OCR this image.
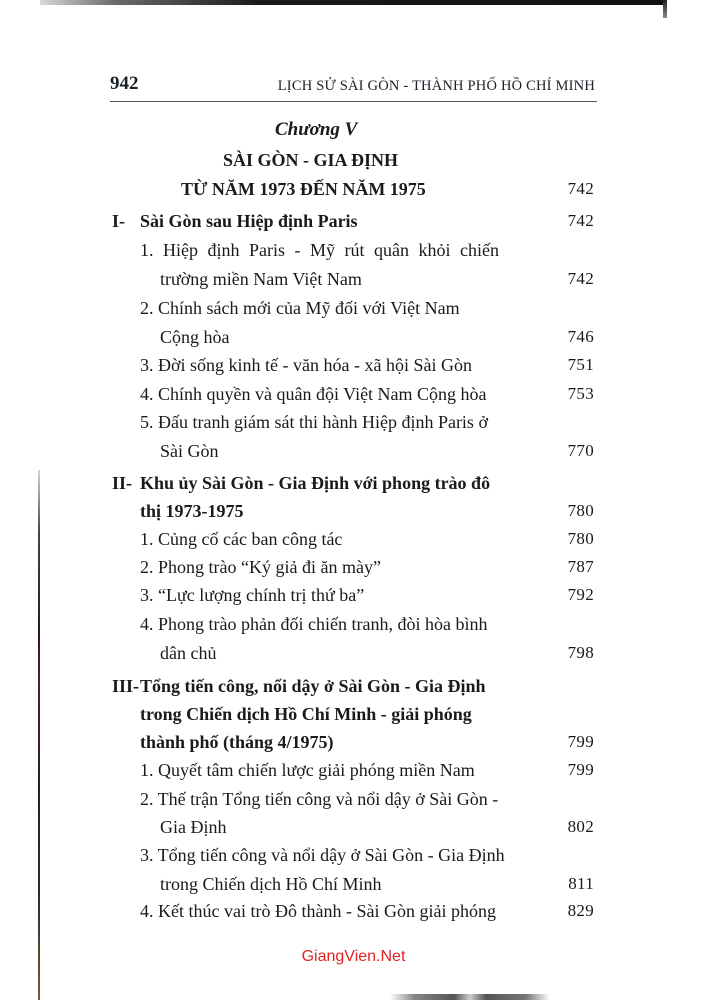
942	LỊCH SỬ SÀI GÒN - THÀNH PHỐ HỒ CHÍ MINH
Chương V
SÀI GÒN - GIA ĐỊNH
TỪ NĂM 1973 ĐẾN NĂM 1975	742
I- Sài Gòn sau Hiệp định Paris	742
1. Hiệp định Paris - Mỹ rút quân khỏi chiến
trường miền Nam Việt Nam	742
2. Chính sách mới của Mỹ đối với Việt Nam
Cộng hòa	746
3. Đời sống kinh tế - văn hóa - xã hội Sài Gòn	751
4. Chính quyền và quân đội Việt Nam Cộng hòa	753
5. Đấu tranh giám sát thi hành Hiệp định Paris ở
Sài Gòn	770
II- Khu ủy Sài Gòn - Gia Định với phong trào đô
thị 1973-1975	780
1. Củng cố các ban công tác	780
2. Phong trào “Ký giả đi ăn mày”	787
3. “Lực lượng chính trị thứ ba”	792
4. Phong trào phản đối chiến tranh, đòi hòa bình
dân chủ	798
III- Tổng tiến công, nổi dậy ở Sài Gòn - Gia Định
trong Chiến dịch Hồ Chí Minh - giải phóng
thành phố (tháng 4/1975)	799
1. Quyết tâm chiến lược giải phóng miền Nam	799
2. Thế trận Tổng tiến công và nổi dậy ở Sài Gòn -
Gia Định	802
3. Tổng tiến công và nổi dậy ở Sài Gòn - Gia Định
trong Chiến dịch Hồ Chí Minh	811
4. Kết thúc vai trò Đô thành - Sài Gòn giải phóng	829
GiangVien.Net
